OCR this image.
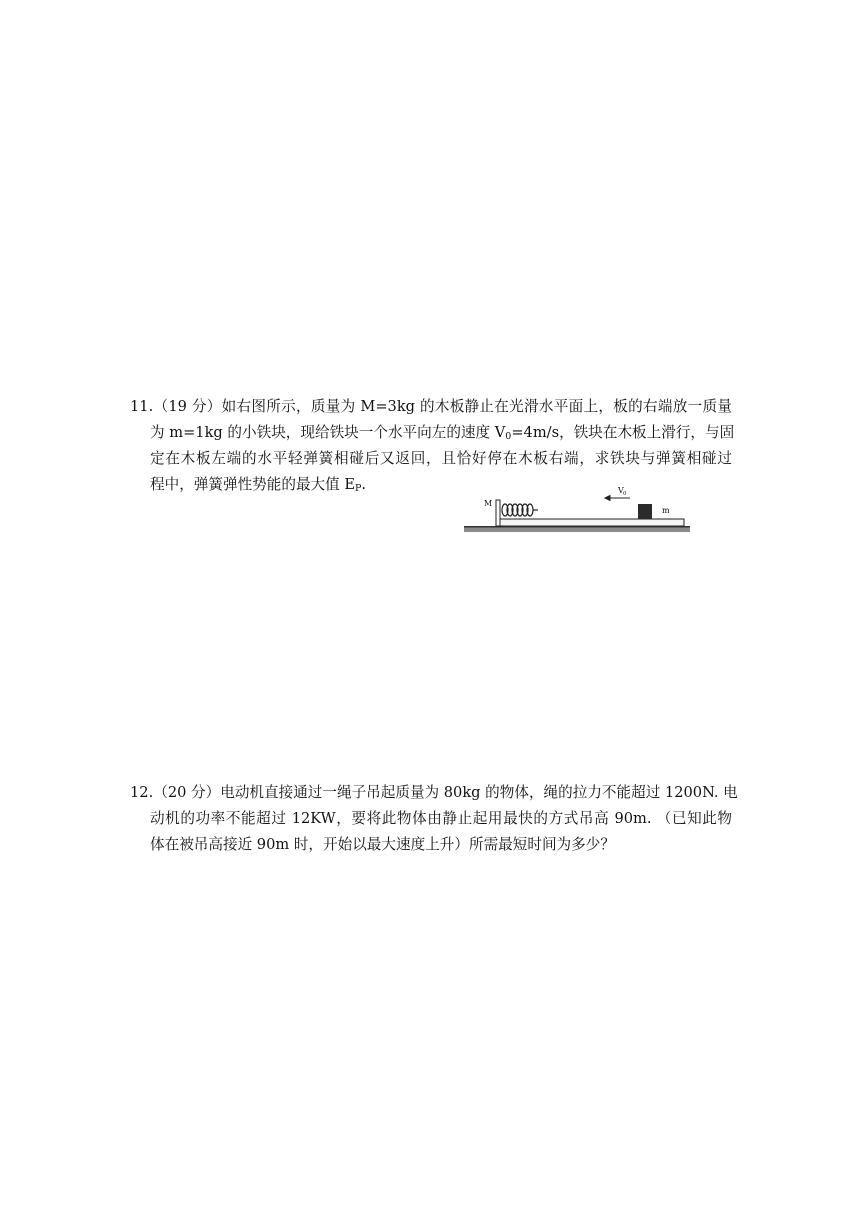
11.（19 分）如右图所示，质量为 M=3kg 的木板静止在光滑水平面上，板的右端放一质量
为 m=1kg 的小铁块，现给铁块一个水平向左的速度 $V_0=4m/s$，铁块在木板上滑行，与固
定在木板左端的水平轻弹簧相碰后又返回，且恰好停在木板右端，求铁块与弹簧相碰过
程中，弹簧弹性势能的最大值 $E_P$.
M
m
V 0
12.（20 分）电动机直接通过一绳子吊起质量为 80kg 的物体，绳的拉力不能超过 1200N. 电
动机的功率不能超过 12KW，要将此物体由静止起用最快的方式吊高 90m. （已知此物
体在被吊高接近 90m 时，开始以最大速度上升）所需最短时间为多少？
